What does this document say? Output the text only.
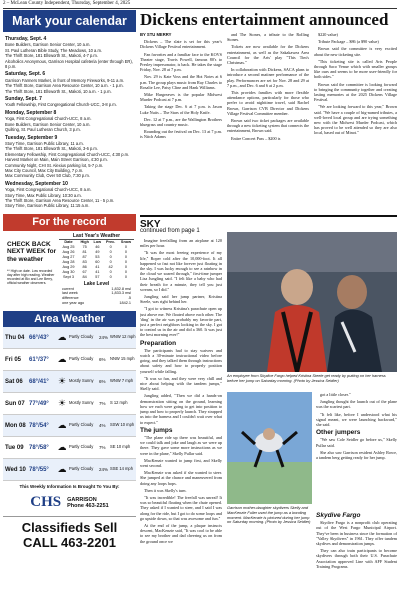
2 – McLean County Independent, Thursday, September 4, 2025
Mark your calendar
Thursday, Sept. 4
Bone Builders, Garrison Senior Center, 10 a.m.
St. Paul Lutheran Bible Study, The Meadows, 10 a.m.
The Thrift Store, 181 Ellsworth St., Makoti, 4-7 p.m.
Alcoholics Anonymous, Garrison Hospital cafeteria (enter through ER), 8 p.m.
Saturday, Sept. 6
Garrison Farmers Market, in front of Memory Fireworks, 9-11 a.m.
The Thrift Store, Garrison Area Resource Center, 10 a.m. - 1 p.m.
The Thrift Store, 181 Ellsworth St., Makoti, 10 a.m. - 1 p.m.
Sunday, Sept. 7
Youth Fellowship, First Congregational Church-UCC, 3-8 p.m.
Monday, September 8
Yoga, First Congregational Church-UCC, 8 a.m.
Bone Builders, Garrison Senior Center, 10 a.m.
Quilting, St. Paul Lutheran Church, 3 p.m.
Tuesday, September 9
Story Time, Garrison Public Library, 11 a.m.
The Thrift Store, 181 Ellsworth St., Makoti, 3-6 p.m.
Elementary Fellowship, First Congregational Church-UCC, 4:30 p.m.
Harvest Market on Main, Main Street Garrison, 4:30 p.m.
Community Night, CHI St. Alexius parking lot, 5-7 p.m.
Max City Council, Max City Building, 7 p.m.
Max Community Club, Over 50 Club, 7:30 p.m.
Wednesday, September 10
Yoga, First Congregational Church-UCC, 8 a.m.
Story Time, Max Public Library, 10:30 a.m.
The Thrift Store, Garrison Area Resource Center, 11 - 5 p.m.
Story Time, Garrison Public Library, 11:15 a.m.
For the record
CHECK BACK NEXT WEEK for the weather
** High on date. Low recorded day after high reading. Weather recorded at Bix and Lee Berry, official weather observers.
Last Year's Weather
Date	High	Low	Prec.	Snow
Aug 25	75	46	0	0
Aug 26	81	49	0	0
Aug 27	87	53	0	0
Aug 28	83	60	0	0
Aug 29	86	41	42	0
Aug 30	67	41	0	0
Sept 3	84	57	0	0
Lake Level
current	1,832.8 msl
last week	1,833.3 msl
difference	.5
one year ago	1842.1
Area Weather
Thu 04 66°/43° ☁ Partly Cloudy	24% WNW 12 mph
Fri 05	61°/37° ☁ Partly Cloudy	6%	NNW 15 mph
Sat 06	68°/41°	☀ Mostly Sunny	6%	WNW 7 mph
Sun 07 77°/49°	☀ Mostly Sunny	7%	S 12 mph
Mon 08 78°/54° ☁ Partly Cloudy	4%	SSW 10 mph
Tue 09 78°/58° ☁ Partly Cloudy	7%	SE 10 mph
Wed 10 78°/55° ☁ Partly Cloudy	24% SSE 14 mph
This Weekly Information Is Brought To You By:
CHS GARRISON
Phone 463-2251
Classifieds Sell
CALL 463-2201
Dickens entertainment announced
BY STU MERRY

Dickens – The slate is set for this year's Dickens Village Festival entertainment.

Fan favorites and a familiar face to the KOVS Theater stage, Travis Powell, famous 80's to Presley impersonator, is back. He takes the stage Friday, Nov. 28 at 7 p.m.

Nov. 29 is Kate Voss and the Hot Notes at 6 p.m. The group plays music from Ray Charles to Rosalie Lee, Patsy Cline and Hank Williams.

Mike Hargreaves is the popular Midwest Murder Podcast at 7 p.m.

Taking the stage Dec. 6 at 7 p.m. is Jason Luke Nuits – The Stars of the Holy Knife.

Dec. 12 at 7 p.m., are the Wallington Brothers bluegrass and country music.

Rounding out the festival on Dec. 13 at 7 p.m. is Nitch Adams

and The Stones, a tribute to the Rolling Stones.

Tickets are now available for the Dickens entertainment, as well as the Sakakawea Area Council for the Arts' play "This Tim's Christmas."

In collaboration with Dickens, SACA plans to introduce a second matinee performance of the play. Performances are set for Nov. 28 and 29 at 7 p.m., and Dec. 6 and 6 at 2 p.m.

This provides families with more flexible attendance options, particularly for those who prefer to avoid nighttime travel, said Rachel Brown, Garrison CVB Director and Dickens Village Festival Committee member.

Brown said two ticket packages are available through a new ticketing system that connects the entertainment, Brown said.

Entire Concert Pass – $200 is

$220 value)

Tribute Package – $86 (a $90 value)

Brown said the committee is very excited about the new ticketing site.

"This ticketing site is called Arts People through Saco Venue which with smaller groups like ours and seems to be more user-friendly for both sides."

Brown said the committee is looking forward to bringing the community together and creating lasting memories at the 2025 Dickens Village Festival.

"We are looking forward to this year," Brown said. "We have a couple of big-named tributes, a well-loved local group and are trying something new with the Midwest Murder Podcast, which has proved to be well attended so they are also local, based out of Minot."

SKY
continued from page 1

Imagine freefalling from an airplane at 120 miles per hour.

"It was the most freeing experience of my life," Roper cold after the 10,000-foot. It all happened so fast not like forever just floating in the sky. I was lucky enough to see a rainbow in the cloud we soared through," first-time jumper Lisa Jungling said. "I felt like a baby who had their breath for a minute, they tell you just scream, so I did."

Jungling said her jump partner, Kristina Steele, was right behind her.

"I got to witness Kristina's parachute open up just above me. We floated above each other. The 'ding' in the air was probably my favorite part, just a perfect neighbors looking in the sky. I got to control us in the air and did a 360. It was just the best morning ever!"

Preparation

The participants had to stay waivers and watch a 30-minute instructional video before going, and they talked them through instructions about safety and how to properly position yourself while falling.

"It was so fun, and they were very chill and nice about helping with the tandem jumps," Skelly said.

Jungling added, "Then we did a hands-on demonstration sitting on the ground, learning how we each were going to get into position to jump and how to properly launch. They strapped us into the harness and I couldn't wait over what to expect."

The jumps

"The plane ride up there was beautiful, and we could talk and joke and laugh as we were up there. They gave some more instructions as we were in the plane," Skelly Pullar said.

MacKenzie wanted to jump first, and Skelly went second.

MacKenzie was asked if she wanted to steer. She jumped at the chance and maneuvered from doing any loops hops.

Then it was Skelly's turn.

"It was incredible! The freefall was unreal! It was so beautiful floating when the chute opened. They asked if I wanted to steer, and I said I was along for the ride, but I got to do some loops and go upside down, so that was awesome and fun."

At the end of the jump, a plaque instructs descent, MacKenzie said, "It was cool to be able to see my brother and dad cheering us on from the ground once we

An employee from Skydive Fargo helped Kristina Steele get ready by putting on her harness before her jump on Saturday morning. (Photo by Jessica Seidler)

got a little closer."

Jungling thought the launch out of the plane was the scariest part.

"It felt like, before I understood what his signal meant, we were launching backward," she said.

Other jumpers

"We saw Cole Seidler go before us," Skelly Pullar said.

She also saw Garrison resident Ashley Rowe, a tandem berg getting ready for her jump.

Garrison mother-daughter skydivers Skelly and MacKenzie Fuller used the jump as a bonding moment. MacKenzie is pictured during her jump on Saturday morning. (Photo by Jessica Seidler)
Skydive Fargo

Skydive Fargo is a nonprofit club operating out of the West Fargo Municipal Airport. They've been in business since the formation of "Valley Skydivers" in 1961. They offer tandem skydives and demonstration jumps.

They can also train participants to become skydivers through both their U.S. Parachute Association approved Line with AFF Student Training Programs.
